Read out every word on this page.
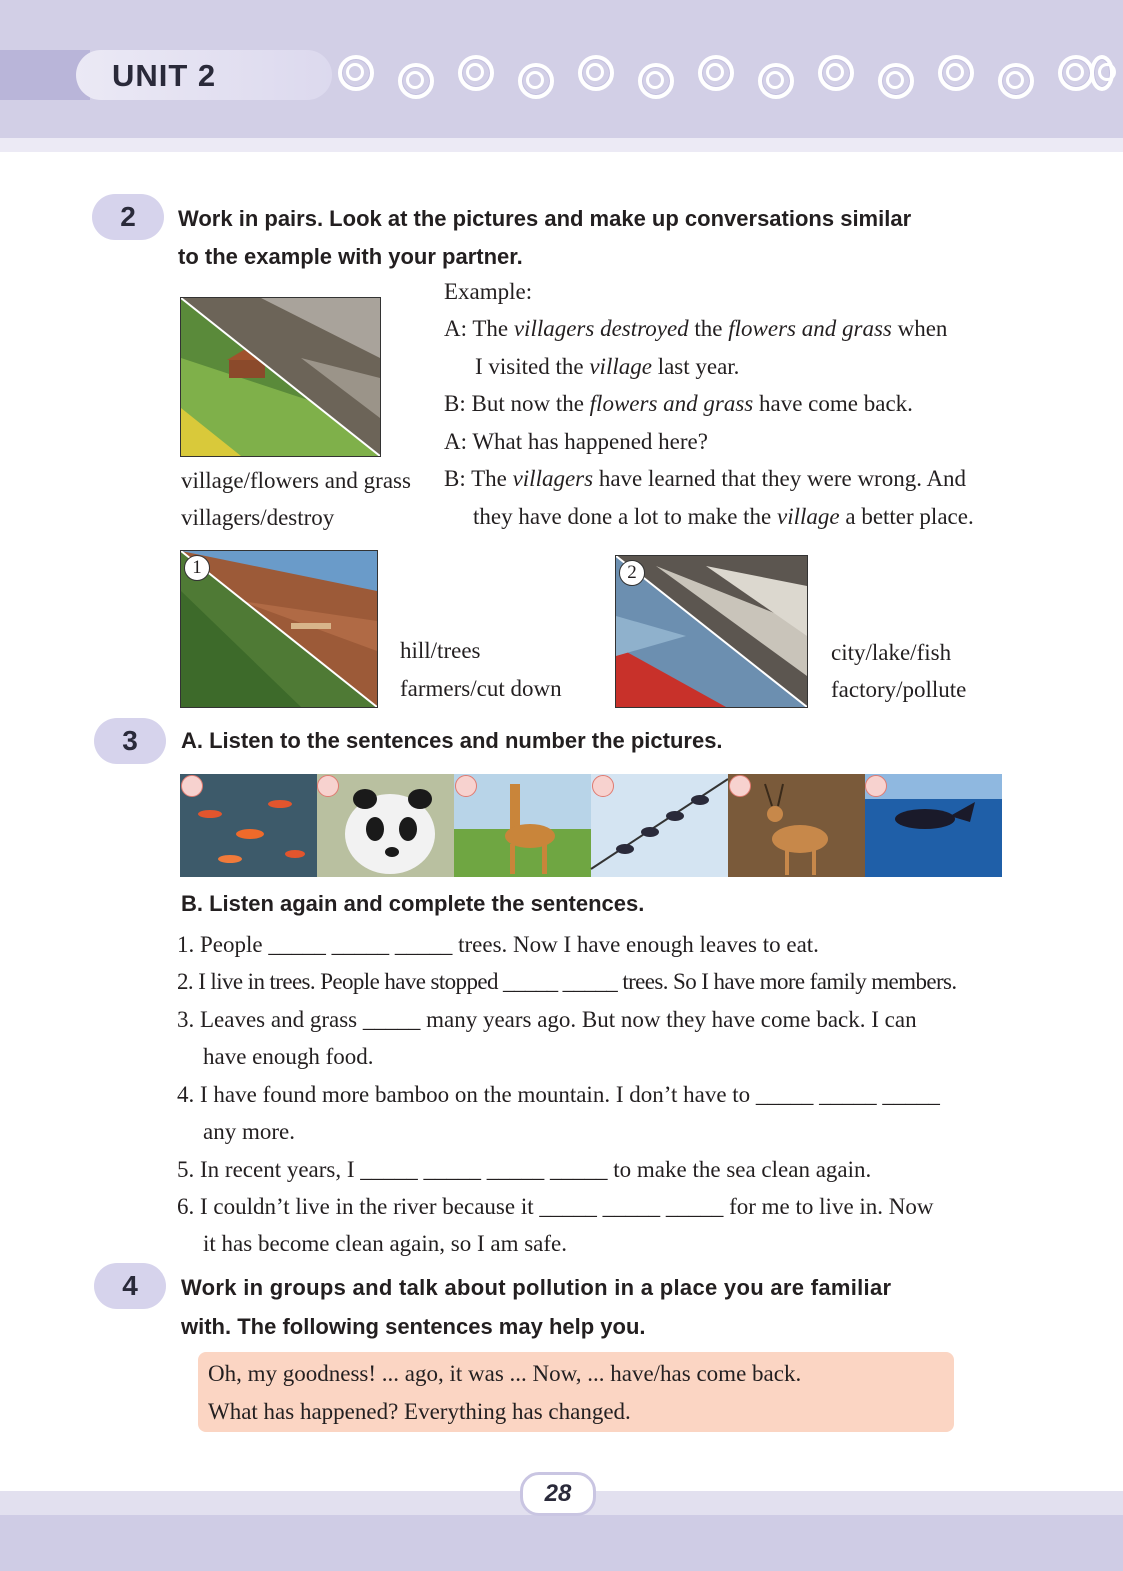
UNIT 2
2	Work in pairs. Look at the pictures and make up conversations similar
to the example with your partner.
village/flowers and grass
villagers/destroy
Example:
A: The villagers destroyed the flowers and grass when
I visited the village last year.
B: But now the flowers and grass have come back.
A: What has happened here?
B: The villagers have learned that they were wrong. And
they have done a lot to make the village a better place.
1
hill/trees
farmers/cut down
2
city/lake/fish
factory/pollute
3	A. Listen to the sentences and number the pictures.
B. Listen again and complete the sentences.
1. People _____ _____ _____ trees. Now I have enough leaves to eat.
2. I live in trees. People have stopped _____ _____ trees. So I have more family members.
3. Leaves and grass _____ many years ago. But now they have come back. I can
have enough food.
4. I have found more bamboo on the mountain. I don’t have to _____ _____ _____
any more.
5. In recent years, I _____ _____ _____ _____ to make the sea clean again.
6. I couldn’t live in the river because it _____ _____ _____ for me to live in. Now
it has become clean again, so I am safe.
4	Work in groups and talk about pollution in a place you are familiar
with. The following sentences may help you.
Oh, my goodness! ... ago, it was ... Now, ... have/has come back.
What has happened? Everything has changed.
28
